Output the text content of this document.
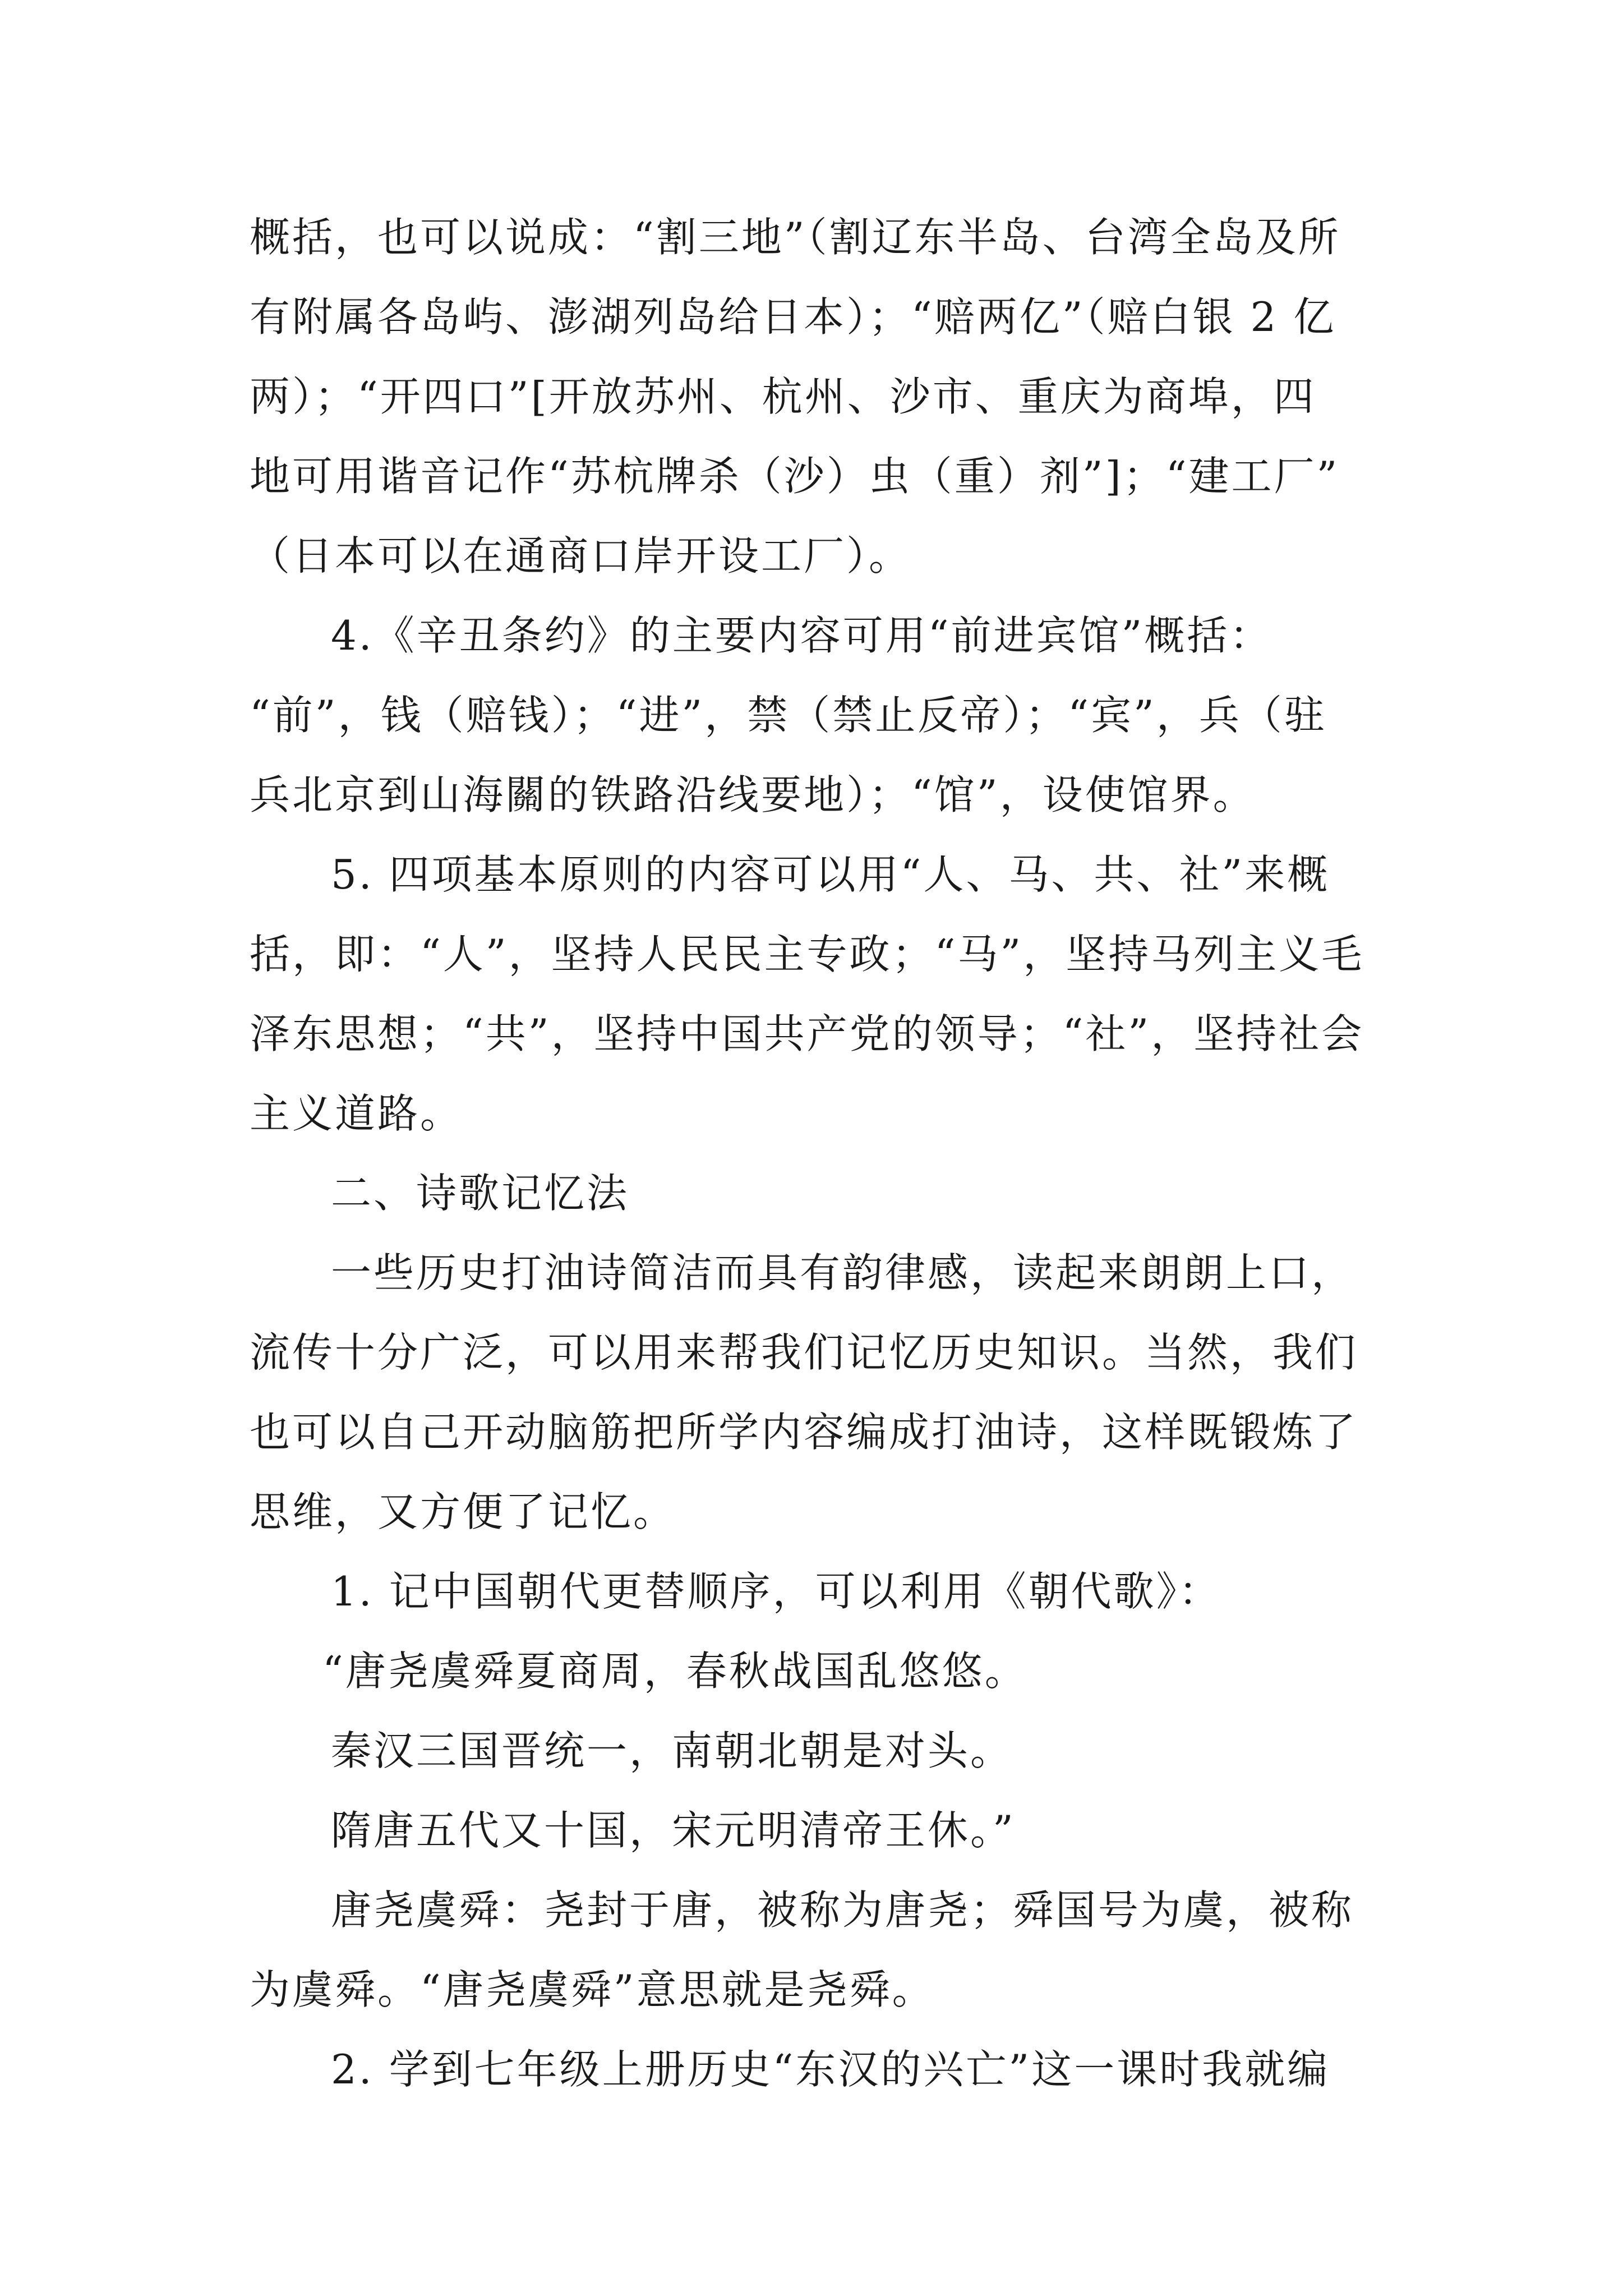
概括，也可以说成：“割三地”（割辽东半岛、台湾全岛及所
有附属各岛屿、澎湖列岛给日本）；“赔两亿”（赔白银 2 亿
两）；“开四口”[开放苏州、杭州、沙市、重庆为商埠，四
地可用谐音记作“苏杭牌杀（沙）虫（重）剂”]；“建工厂”
（日本可以在通商口岸开设工厂）。
4.《辛丑条约》的主要内容可用“前进宾馆”概括：
“前”，钱（赔钱）；“进”，禁（禁止反帝）；“宾”，兵（驻
兵北京到山海關的铁路沿线要地）；“馆”，设使馆界。
5. 四项基本原则的内容可以用“人、马、共、社”来概
括，即：“人”，坚持人民民主专政；“马”，坚持马列主义毛
泽东思想；“共”，坚持中国共产党的领导；“社”，坚持社会
主义道路。
二、诗歌记忆法
一些历史打油诗简洁而具有韵律感，读起来朗朗上口，
流传十分广泛，可以用来帮我们记忆历史知识。当然，我们
也可以自己开动脑筋把所学内容编成打油诗，这样既锻炼了
思维，又方便了记忆。
1. 记中国朝代更替顺序，可以利用《朝代歌》：
“唐尧虞舜夏商周，春秋战国乱悠悠。
秦汉三国晋统一，南朝北朝是对头。
隋唐五代又十国，宋元明清帝王休。”
唐尧虞舜：尧封于唐，被称为唐尧；舜国号为虞，被称
为虞舜。“唐尧虞舜”意思就是尧舜。
2. 学到七年级上册历史“东汉的兴亡”这一课时我就编
